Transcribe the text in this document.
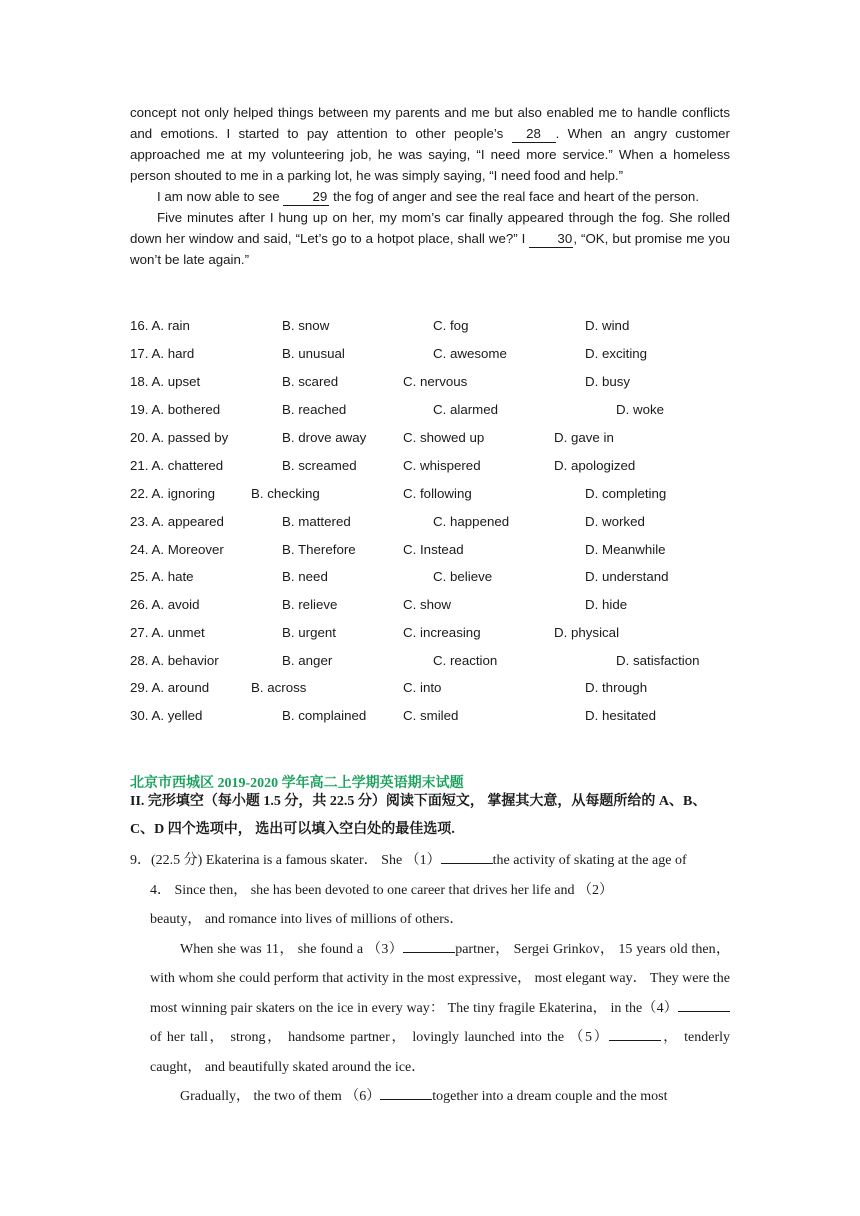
concept not only helped things between my parents and me but also enabled me to handle conflicts and emotions. I started to pay attention to other people’s 28 . When an angry customer approached me at my volunteering job, he was saying, “I need more service.” When a homeless person shouted to me in a parking lot, he was simply saying, “I need food and help.”

I am now able to see 29 the fog of anger and see the real face and heart of the person.

Five minutes after I hung up on her, my mom’s car finally appeared through the fog. She rolled down her window and said, “Let’s go to a hotpot place, shall we?” I 30, “OK, but promise me you won’t be late again.”

16. A. rain	B. snow	C. fog	D. wind
17. A. hard	B. unusual	C. awesome	D. exciting
18. A. upset	B. scared	C. nervous	D. busy
19. A. bothered	B. reached	C. alarmed	D. woke
20. A. passed by	B. drove away	C. showed up	D. gave in
21. A. chattered	B. screamed	C. whispered	D. apologized
22. A. ignoring	B. checking	C. following	D. completing
23. A. appeared	B. mattered	C. happened	D. worked
24. A. Moreover	B. Therefore	C. Instead	D. Meanwhile
25. A. hate	B. need	C. believe	D. understand
26. A. avoid	B. relieve	C. show	D. hide
27. A. unmet	B. urgent	C. increasing	D. physical
28. A. behavior	B. anger	C. reaction	D. satisfaction
29. A. around	B. across	C. into	D. through
30. A. yelled	B. complained	C. smiled	D. hesitated
北京市西城区 2019-2020 学年高二上学期英语期末试题
II. 完形填空（每小题 1.5 分，共 22.5 分）阅读下面短文， 掌握其大意，从每题所给的 A、B、C、D 四个选项中， 选出可以填入空白处的最佳选项.

9．(22.5 分) Ekaterina is a famous skater． She （1）	the activity of skating at the age of

4． Since then， she has been devoted to one career that drives her life and （2）

beauty， and romance into lives of millions of others．

When she was 11， she found a （3）	partner， Sergei Grinkov， 15 years old then， with whom she could perform that activity in the most expressive， most elegant way． They were the most winning pair skaters on the ice in every way： The tiny fragile Ekaterina， in the（4）of her tall， strong， handsome partner， lovingly launched into the （5）	， tenderly caught， and beautifully skated around the ice．

Gradually， the two of them （6）	together into a dream couple and the most
